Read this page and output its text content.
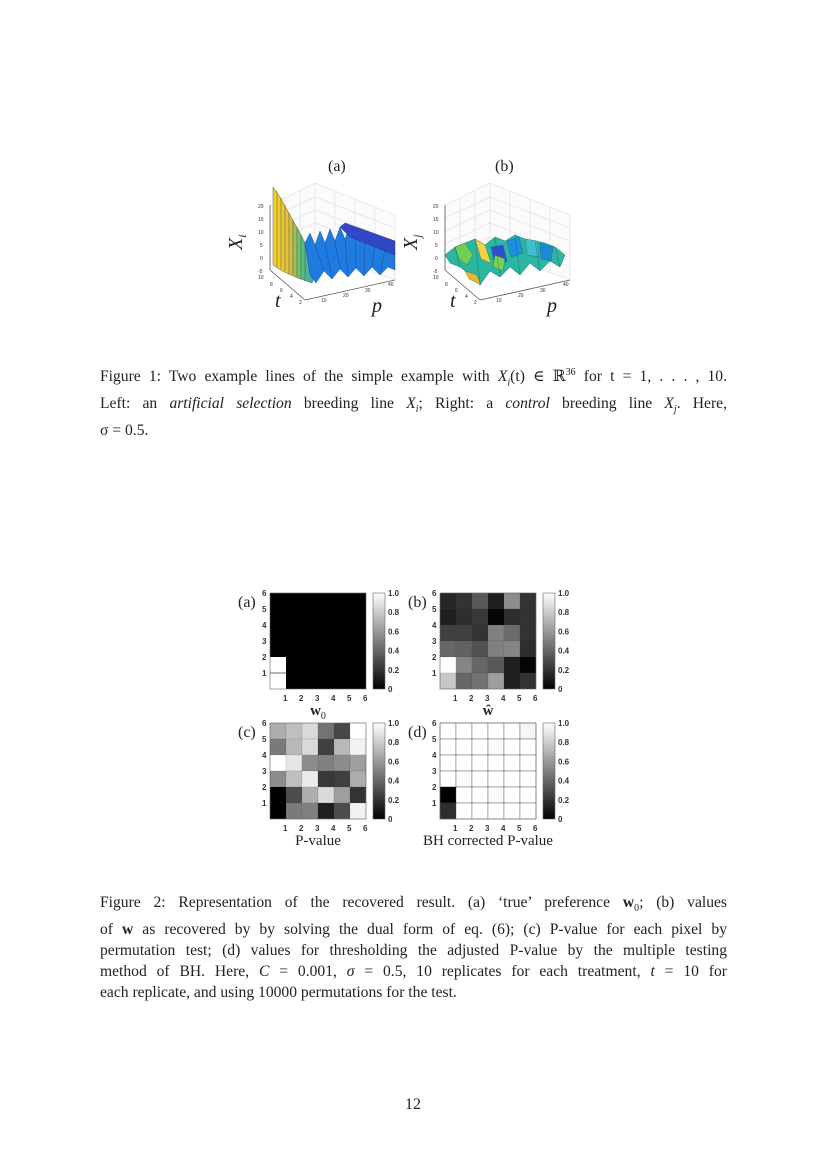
(a)
20
15
10
5
0
-5
10
8
6
4
2	10
20
30
40
$X_i$
t	p
(b)
20
15
10
5
0
-5
10
8
6
4
2	10
20
30
40
$X_j$
t	p
Figure 1: Two example lines of the simple example with $X_i(t)$ ∈ ℝ$^{36}$ for t = 1, . . . , 10.
Left: an artificial selection breeding line $X_i$; Right: a control breeding line $X_j$. Here,
σ = 0.5.
(a)
6
5
4
3
2
1
1 2 3 4 5 6
1.0
0.8
0.6
0.4
0.2
0
$w_0$
(b)
6
5
4
3
2
1
1 2 3 4 5 6
1.0
0.8
0.6
0.4
0.2
0
ŵ
(c)
6
5
4
3
2
1
1 2 3 4 5 6
1.0
0.8
0.6
0.4
0.2
0
P-value
(d)
6
5
4
3
2
1
1 2 3 4 5 6
1.0
0.8
0.6
0.4
0.2
0
BH corrected P-value
Figure 2: Representation of the recovered result. (a) ‘true’ preference $w_0$; (b) values
of w as recovered by by solving the dual form of eq. (6); (c) P-value for each pixel by
permutation test; (d) values for thresholding the adjusted P-value by the multiple testing
method of BH. Here, C = 0.001, σ = 0.5, 10 replicates for each treatment, t = 10 for
each replicate, and using 10000 permutations for the test.
12
